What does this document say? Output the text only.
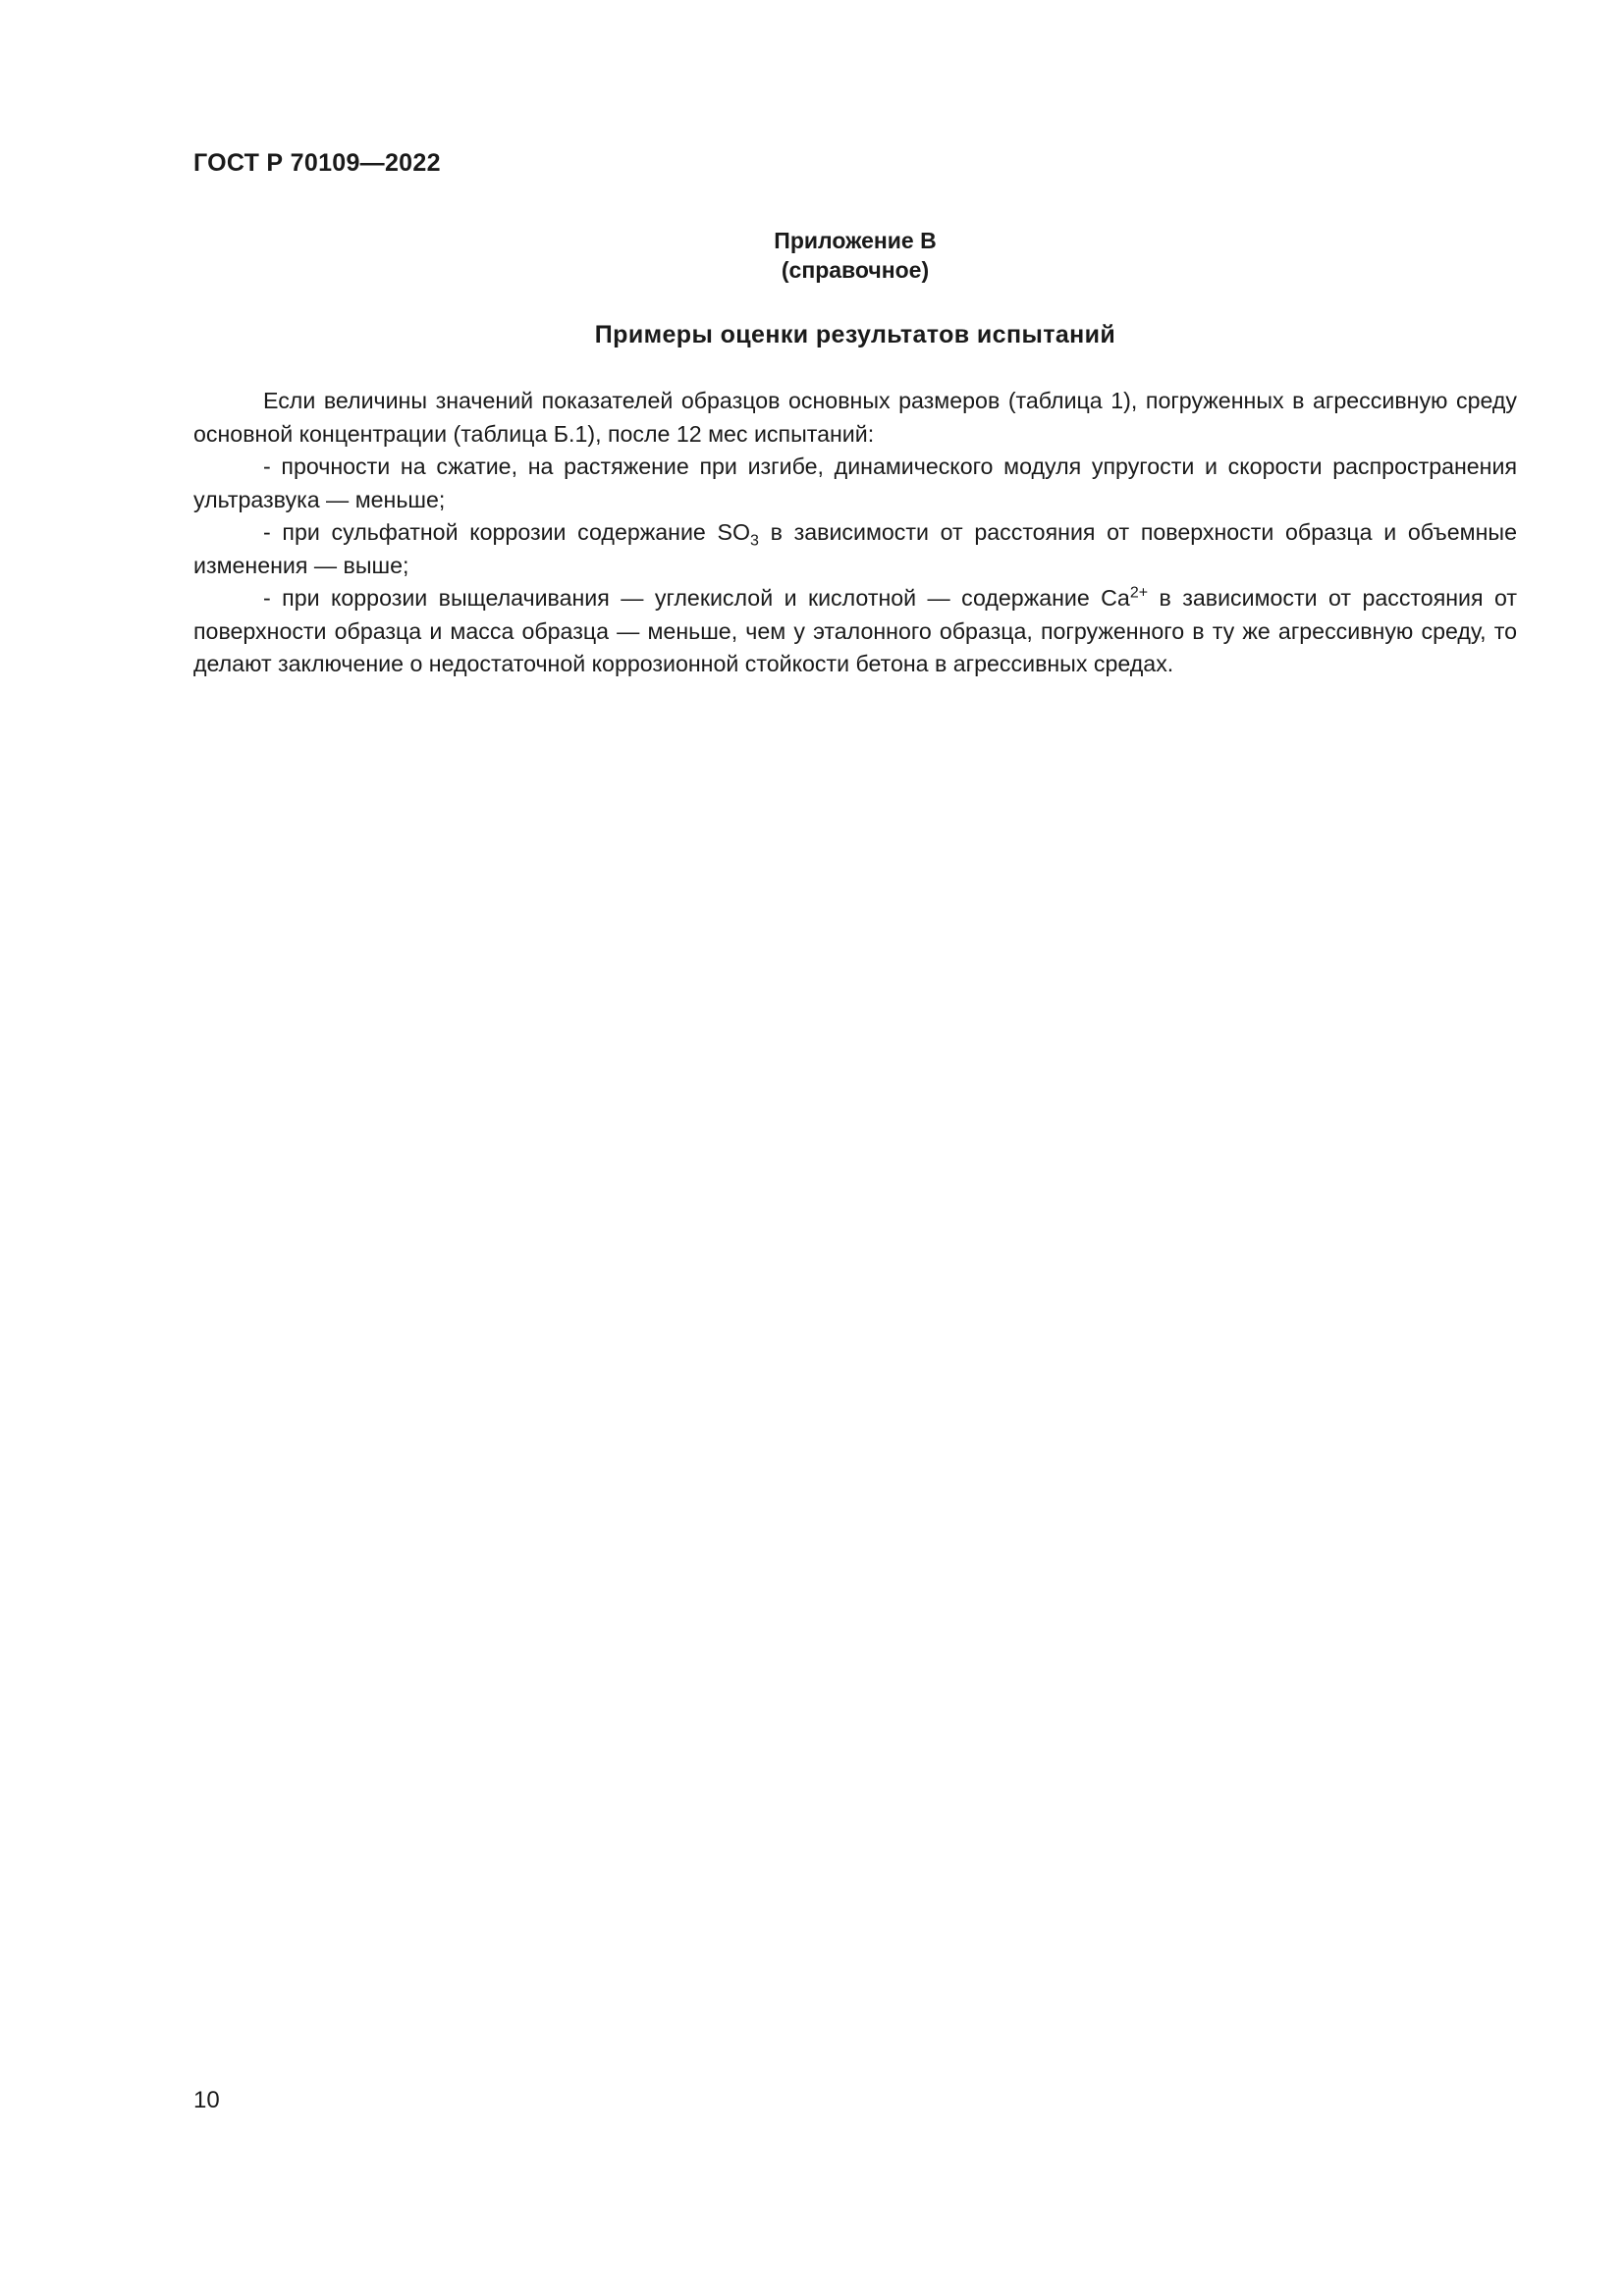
ГОСТ Р 70109—2022
Приложение В
(справочное)
Примеры оценки результатов испытаний

Если величины значений показателей образцов основных размеров (таблица 1), погруженных в агрессивную среду основной концентрации (таблица Б.1), после 12 мес испытаний:

- прочности на сжатие, на растяжение при изгибе, динамического модуля упругости и скорости распространения ультразвука — меньше;

- при сульфатной коррозии содержание $SO_3$ в зависимости от расстояния от поверхности образца и объемные изменения — выше;

- при коррозии выщелачивания — углекислой и кислотной — содержание $Ca^{2+}$ в зависимости от расстояния от поверхности образца и масса образца — меньше, чем у эталонного образца, погруженного в ту же агрессивную среду, то делают заключение о недостаточной коррозионной стойкости бетона в агрессивных средах.

10
